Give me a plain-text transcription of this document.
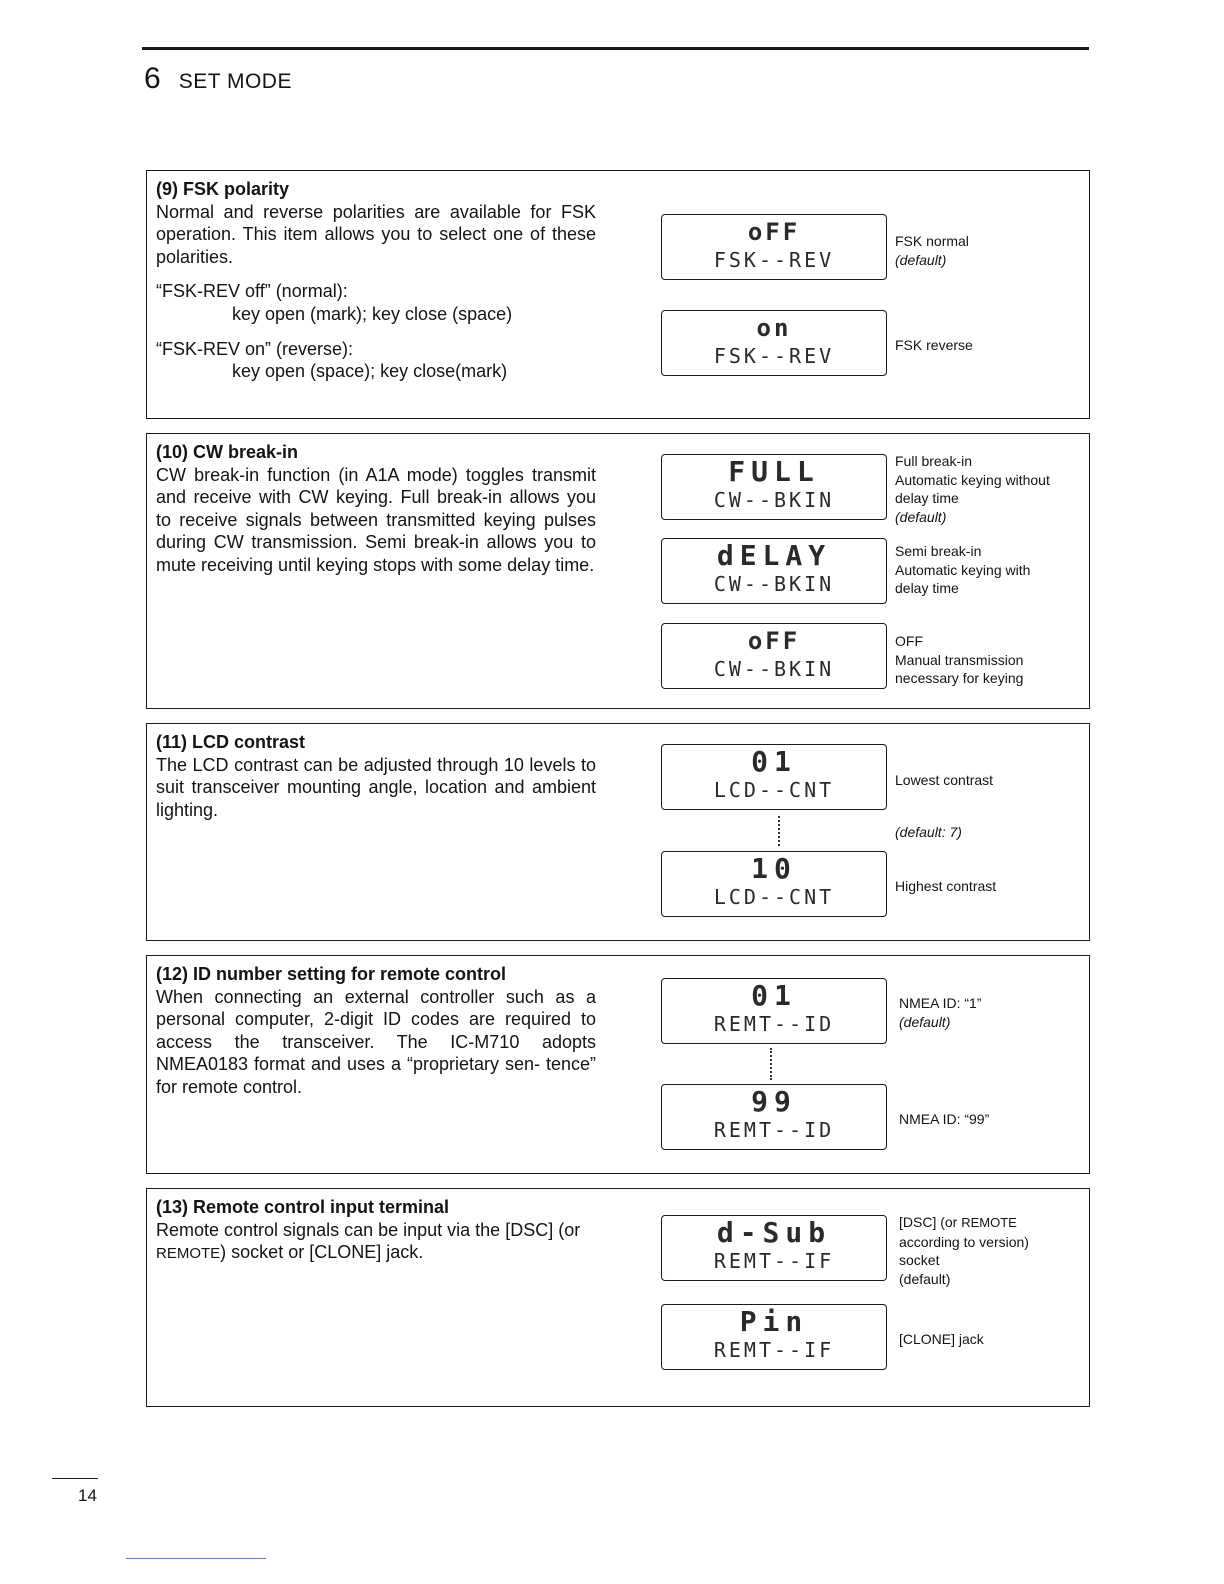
6 SET MODE
(9) FSK polarity
Normal and reverse polarities are available for FSK operation. This item allows you to select one of these polarities.
“FSK-REV off” (normal):
key open (mark); key close (space)
“FSK-REV on” (reverse):
key open (space); key close(mark)
oFF
FSK--REV
FSK normal
(default)
on
FSK--REV	FSK reverse
(10) CW break-in
CW break-in function (in A1A mode) toggles transmit and receive with CW keying. Full break-in allows you to receive signals between transmitted keying pulses during CW transmission. Semi break-in allows you to mute receiving until keying stops with some delay time.
FULL
CW--BKIN
Full break-in
Automatic keying without
delay time
(default)
dELAY
CW--BKIN
Semi break-in
Automatic keying with
delay time
oFF
CW--BKIN
OFF
Manual transmission
necessary for keying
(11) LCD contrast
The LCD contrast can be adjusted through 10 levels to suit transceiver mounting angle, location and ambient lighting.
01
LCD--CNT	Lowest contrast
(default: 7)
10
LCD--CNT	Highest contrast
(12) ID number setting for remote control
When connecting an external controller such as a personal computer, 2-digit ID codes are required to access the transceiver. The IC-M710 adopts NMEA0183 format and uses a “proprietary sen- tence” for remote control.
01
REMT--ID
NMEA ID: “1”
(default)
99
REMT--ID	NMEA ID: “99”
(13) Remote control input terminal
Remote control signals can be input via the [DSC] (or REMOTE) socket or [CLONE] jack.
d-Sub
REMT--IF
[DSC] (or REMOTE
according to version)
socket
(default)
Pin
REMT--IF	[CLONE] jack
14
